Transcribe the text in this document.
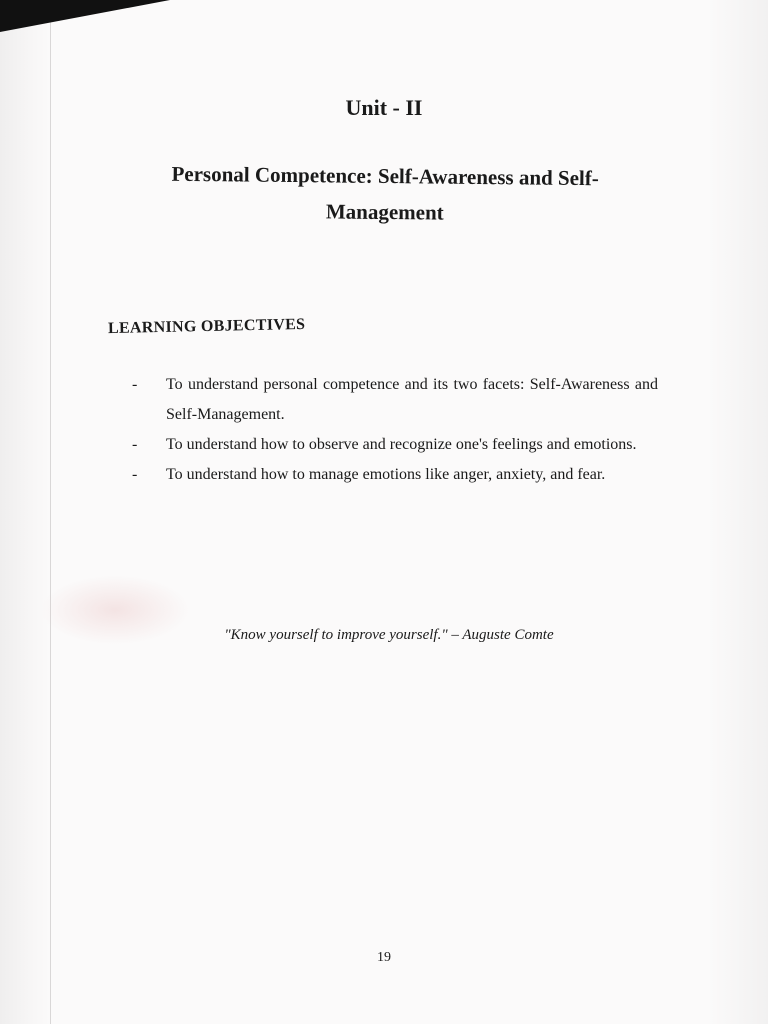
Unit - II
Personal Competence: Self-Awareness and Self-Management
LEARNING OBJECTIVES
- To understand personal competence and its two facets: Self-Awareness and Self-Management.
- To understand how to observe and recognize one's feelings and emotions.
- To understand how to manage emotions like anger, anxiety, and fear.
"Know yourself to improve yourself." – Auguste Comte
19
